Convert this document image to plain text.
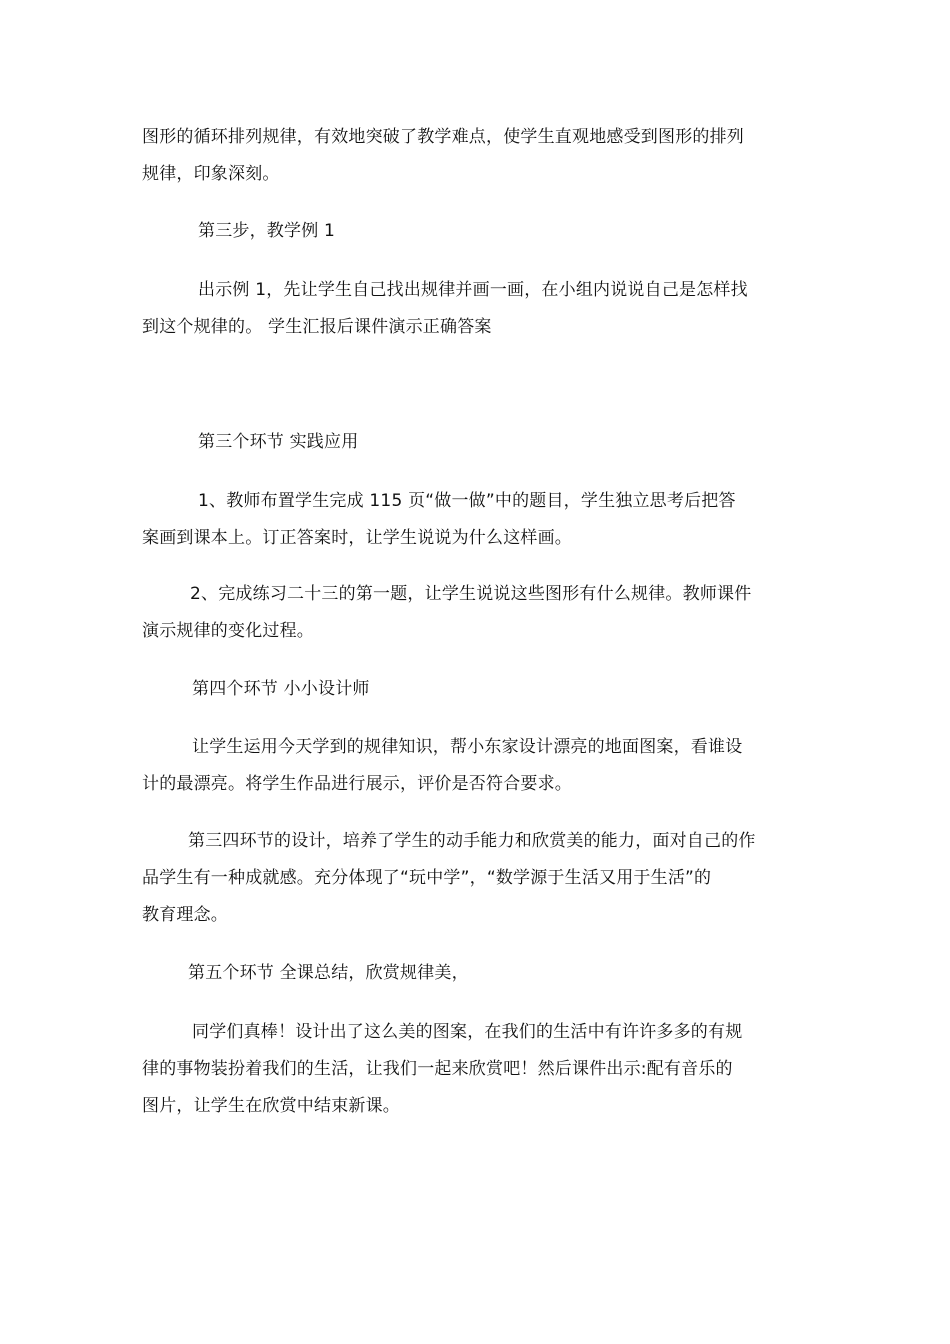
图形的循环排列规律，有效地突破了教学难点，使学生直观地感受到图形的排列
规律，印象深刻。
第三步，教学例 1
出示例 1，先让学生自己找出规律并画一画，在小组内说说自己是怎样找
到这个规律的。 学生汇报后课件演示正确答案
第三个环节 实践应用
1、教师布置学生完成 115 页“做一做”中的题目，学生独立思考后把答
案画到课本上。订正答案时，让学生说说为什么这样画。
2、完成练习二十三的第一题，让学生说说这些图形有什么规律。教师课件
演示规律的变化过程。
第四个环节 小小设计师
让学生运用今天学到的规律知识，帮小东家设计漂亮的地面图案，看谁设
计的最漂亮。将学生作品进行展示，评价是否符合要求。
第三四环节的设计，培养了学生的动手能力和欣赏美的能力，面对自己的作
品学生有一种成就感。充分体现了“玩中学”，“数学源于生活又用于生活”的
教育理念。
第五个环节 全课总结，欣赏规律美，
同学们真棒！设计出了这么美的图案，在我们的生活中有许许多多的有规
律的事物装扮着我们的生活，让我们一起来欣赏吧！然后课件出示:配有音乐的
图片，让学生在欣赏中结束新课。
